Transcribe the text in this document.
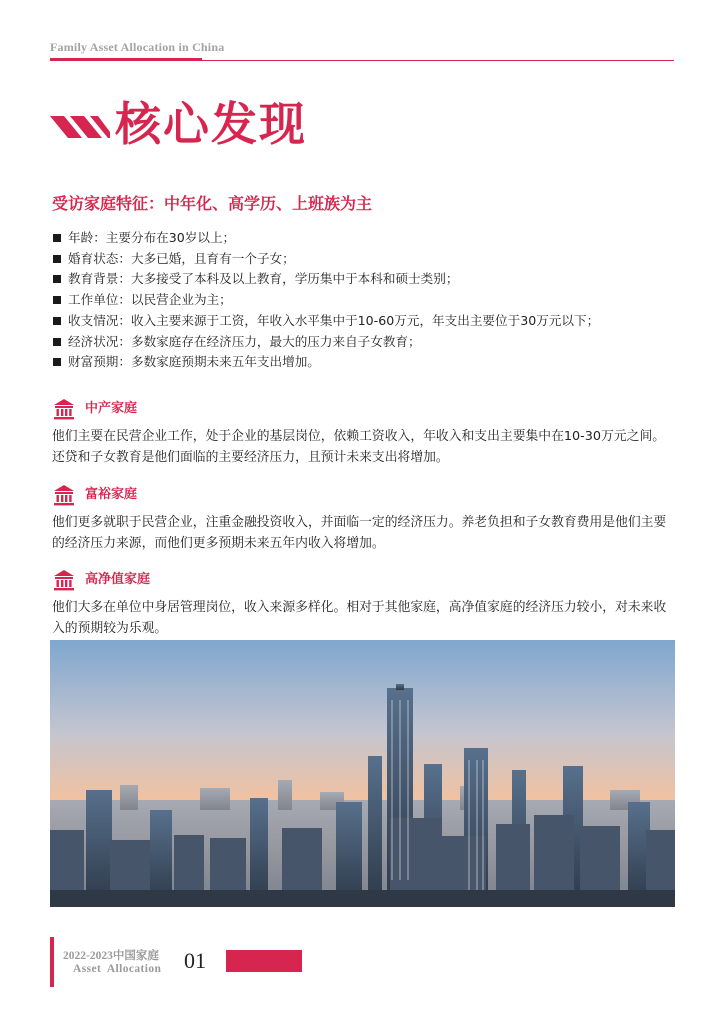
Family Asset Allocation in China
核心发现
受访家庭特征：中年化、高学历、上班族为主
年龄：主要分布在30岁以上；
婚育状态：大多已婚，且育有一个子女；
教育背景：大多接受了本科及以上教育，学历集中于本科和硕士类别；
工作单位：以民营企业为主；
收支情况：收入主要来源于工资，年收入水平集中于10-60万元，年支出主要位于30万元以下；
经济状况：多数家庭存在经济压力，最大的压力来自子女教育；
财富预期：多数家庭预期未来五年支出增加。
中产家庭
他们主要在民营企业工作，处于企业的基层岗位，依赖工资收入，年收入和支出主要集中在10-30万元之间。还贷和子女教育是他们面临的主要经济压力，且预计未来支出将增加。
富裕家庭
他们更多就职于民营企业，注重金融投资收入，并面临一定的经济压力。养老负担和子女教育费用是他们主要的经济压力来源，而他们更多预期未来五年内收入将增加。
高净值家庭
他们大多在单位中身居管理岗位，收入来源多样化。相对于其他家庭，高净值家庭的经济压力较小，对未来收入的预期较为乐观。
2022-2023中国家庭
Asset Allocation 01
